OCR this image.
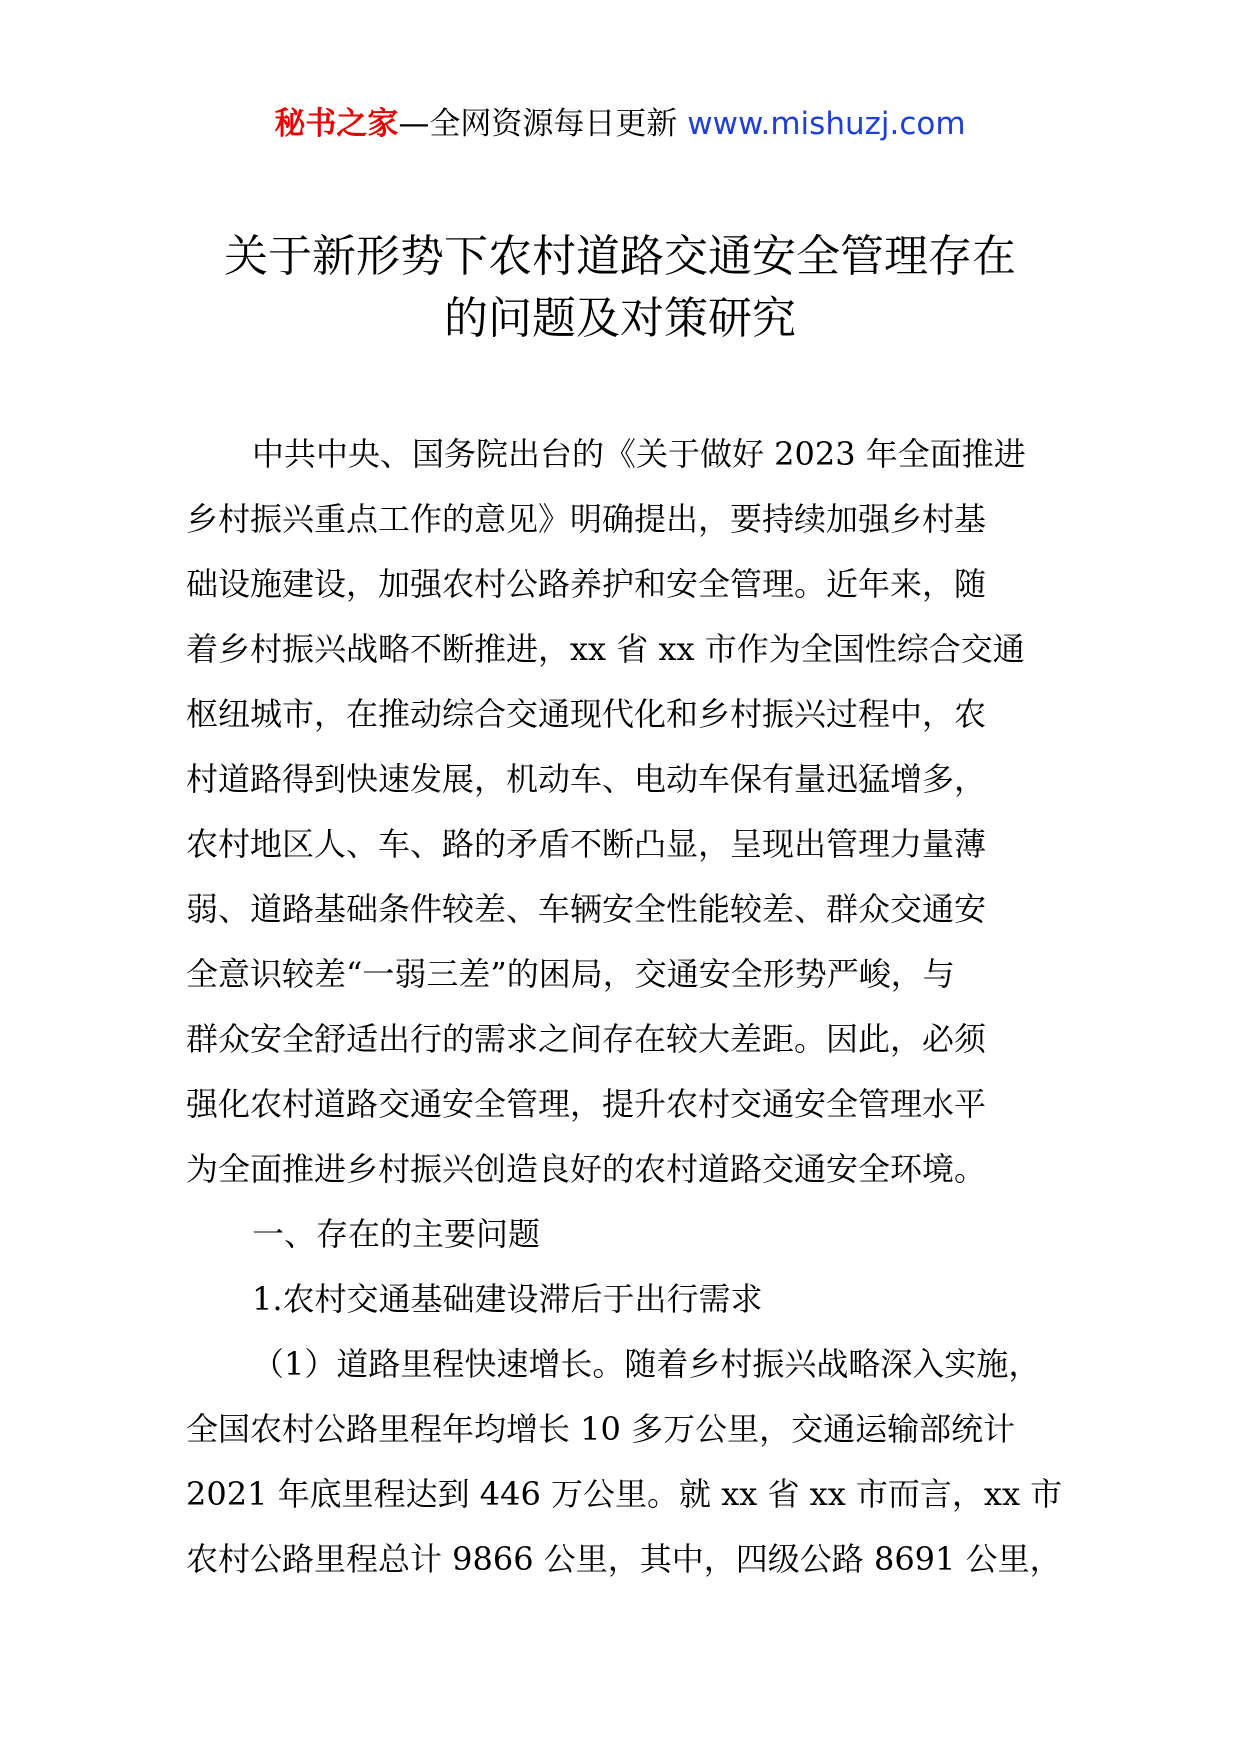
秘书之家—全网资源每日更新 www.mishuzj.com
关于新形势下农村道路交通安全管理存在
的问题及对策研究
中共中央、国务院出台的《关于做好 2023 年全面推进
乡村振兴重点工作的意见》明确提出，要持续加强乡村基
础设施建设，加强农村公路养护和安全管理。近年来，随
着乡村振兴战略不断推进，xx 省 xx 市作为全国性综合交通
枢纽城市，在推动综合交通现代化和乡村振兴过程中，农
村道路得到快速发展，机动车、电动车保有量迅猛增多，
农村地区人、车、路的矛盾不断凸显，呈现出管理力量薄
弱、道路基础条件较差、车辆安全性能较差、群众交通安
全意识较差“一弱三差”的困局，交通安全形势严峻，与
群众安全舒适出行的需求之间存在较大差距。因此，必须
强化农村道路交通安全管理，提升农村交通安全管理水平
为全面推进乡村振兴创造良好的农村道路交通安全环境。
一、存在的主要问题
1.农村交通基础建设滞后于出行需求
（1）道路里程快速增长。随着乡村振兴战略深入实施，
全国农村公路里程年均增长 10 多万公里，交通运输部统计
2021 年底里程达到 446 万公里。就 xx 省 xx 市而言，xx 市
农村公路里程总计 9866 公里，其中，四级公路 8691 公里，
